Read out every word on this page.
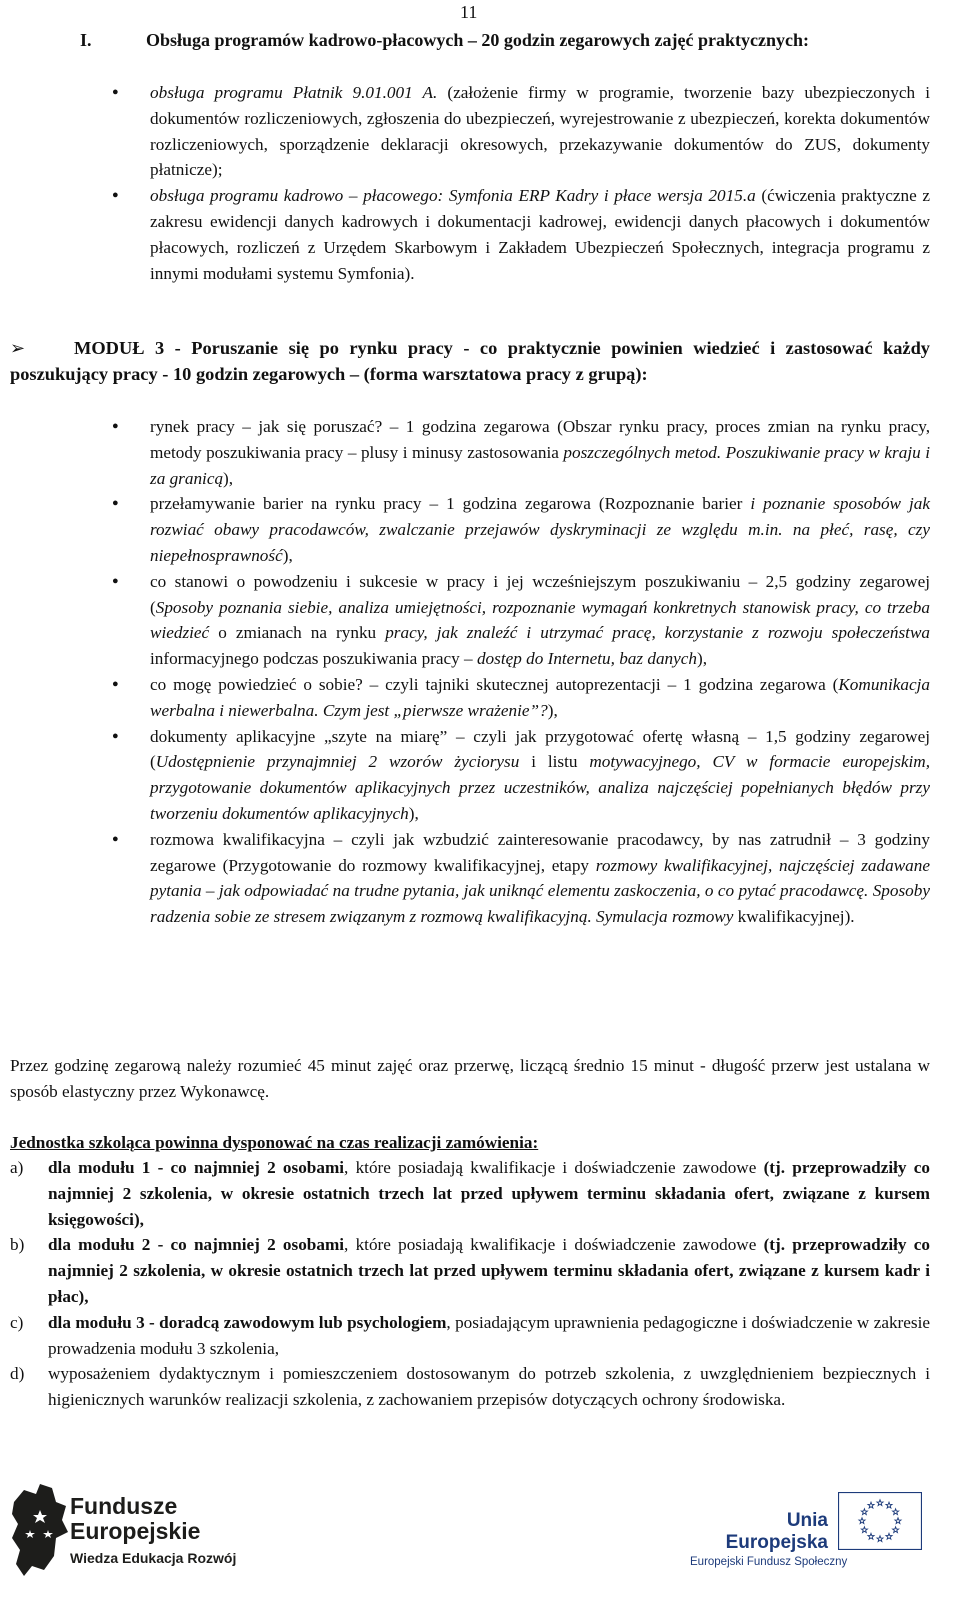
11
I.	Obsługa programów kadrowo-płacowych – 20 godzin zegarowych zajęć praktycznych:
● obsługa programu Płatnik 9.01.001 A. (założenie firmy w programie, tworzenie bazy ubezpieczonych i dokumentów rozliczeniowych, zgłoszenia do ubezpieczeń, wyrejestrowanie z ubezpieczeń, korekta dokumentów rozliczeniowych, sporządzenie deklaracji okresowych, przekazywanie dokumentów do ZUS, dokumenty płatnicze);
● obsługa programu kadrowo – płacowego: Symfonia ERP Kadry i płace wersja 2015.a (ćwiczenia praktyczne z zakresu ewidencji danych kadrowych i dokumentacji kadrowej, ewidencji danych płacowych i dokumentów płacowych, rozliczeń z Urzędem Skarbowym i Zakładem Ubezpieczeń Społecznych, integracja programu z innymi modułami systemu Symfonia).
➢	MODUŁ 3 - Poruszanie się po rynku pracy - co praktycznie powinien wiedzieć i zastosować każdy poszukujący pracy - 10 godzin zegarowych – (forma warsztatowa pracy z grupą):
● rynek pracy – jak się poruszać? – 1 godzina zegarowa (Obszar rynku pracy, proces zmian na rynku pracy, metody poszukiwania pracy – plusy i minusy zastosowania poszczególnych metod. Poszukiwanie pracy w kraju i za granicą),
● przełamywanie barier na rynku pracy – 1 godzina zegarowa (Rozpoznanie barier i poznanie sposobów jak rozwiać obawy pracodawców, zwalczanie przejawów dyskryminacji ze względu m.in. na płeć, rasę, czy niepełnosprawność),
● co stanowi o powodzeniu i sukcesie w pracy i jej wcześniejszym poszukiwaniu – 2,5 godziny zegarowej (Sposoby poznania siebie, analiza umiejętności, rozpoznanie wymagań konkretnych stanowisk pracy, co trzeba wiedzieć o zmianach na rynku pracy, jak znaleźć i utrzymać pracę, korzystanie z rozwoju społeczeństwa informacyjnego podczas poszukiwania pracy – dostęp do Internetu, baz danych),
● co mogę powiedzieć o sobie? – czyli tajniki skutecznej autoprezentacji – 1 godzina zegarowa (Komunikacja werbalna i niewerbalna. Czym jest „pierwsze wrażenie”?),
● dokumenty aplikacyjne „szyte na miarę” – czyli jak przygotować ofertę własną – 1,5 godziny zegarowej (Udostępnienie przynajmniej 2 wzorów życiorysu i listu motywacyjnego, CV w formacie europejskim, przygotowanie dokumentów aplikacyjnych przez uczestników, analiza najczęściej popełnianych błędów przy tworzeniu dokumentów aplikacyjnych),
● rozmowa kwalifikacyjna – czyli jak wzbudzić zainteresowanie pracodawcy, by nas zatrudnił – 3 godziny zegarowe (Przygotowanie do rozmowy kwalifikacyjnej, etapy rozmowy kwalifikacyjnej, najczęściej zadawane pytania – jak odpowiadać na trudne pytania, jak uniknąć elementu zaskoczenia, o co pytać pracodawcę. Sposoby radzenia sobie ze stresem związanym z rozmową kwalifikacyjną. Symulacja rozmowy kwalifikacyjnej).
Przez godzinę zegarową należy rozumieć 45 minut zajęć oraz przerwę, liczącą średnio 15 minut - długość przerw jest ustalana w sposób elastyczny przez Wykonawcę.
Jednostka szkoląca powinna dysponować na czas realizacji zamówienia:
a) dla modułu 1 - co najmniej 2 osobami, które posiadają kwalifikacje i doświadczenie zawodowe (tj. przeprowadziły co najmniej 2 szkolenia, w okresie ostatnich trzech lat przed upływem terminu składania ofert, związane z kursem księgowości),
b) dla modułu 2 - co najmniej 2 osobami, które posiadają kwalifikacje i doświadczenie zawodowe (tj. przeprowadziły co najmniej 2 szkolenia, w okresie ostatnich trzech lat przed upływem terminu składania ofert, związane z kursem kadr i płac),
c) dla modułu 3 - doradcą zawodowym lub psychologiem, posiadającym uprawnienia pedagogiczne i doświadczenie w zakresie prowadzenia modułu 3 szkolenia,
d) wyposażeniem dydaktycznym i pomieszczeniem dostosowanym do potrzeb szkolenia, z uwzględnieniem bezpiecznych i higienicznych warunków realizacji szkolenia, z zachowaniem przepisów dotyczących ochrony środowiska.
Fundusze
Europejskie
Wiedza Edukacja Rozwój
Unia Europejska
Europejski Fundusz Społeczny
